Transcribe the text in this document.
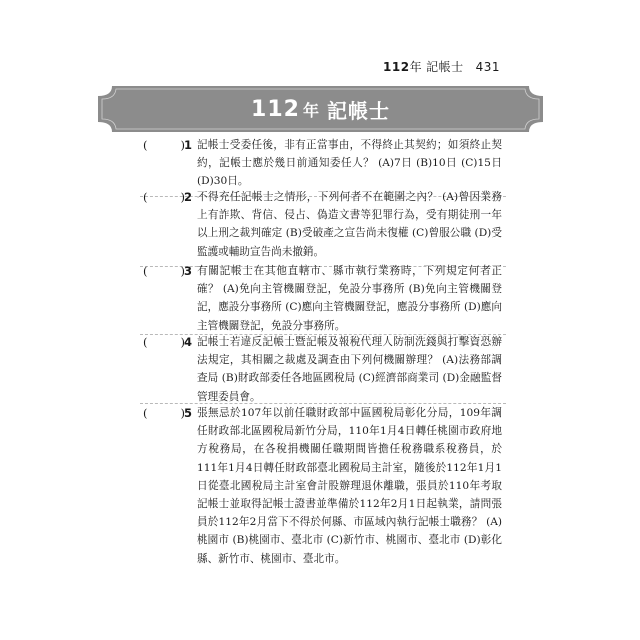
112年 記帳士 431
112 年 記帳士
(	) 1 記帳士受委任後，非有正當事由，不得終止其契約；如須終止契約，記帳士應於幾日前通知委任人？ (A)7日 (B)10日 (C)15日 (D)30日。
(	) 2 不得充任記帳士之情形，下列何者不在範圍之內？ (A)曾因業務上有詐欺、背信、侵占、偽造文書等犯罪行為，受有期徒刑一年以上刑之裁判確定 (B)受破產之宣告尚未復權 (C)曾服公職 (D)受監護或輔助宣告尚未撤銷。
(	) 3 有關記帳士在其他直轄市、縣市執行業務時，下列規定何者正確？ (A)免向主管機關登記，免設分事務所 (B)免向主管機關登記，應設分事務所 (C)應向主管機關登記，應設分事務所 (D)應向主管機關登記，免設分事務所。
(	) 4 記帳士若違反記帳士暨記帳及報稅代理人防制洗錢與打擊資恐辦法規定，其相關之裁處及調查由下列何機關辦理？ (A)法務部調查局 (B)財政部委任各地區國稅局 (C)經濟部商業司 (D)金融監督管理委員會。
(	) 5 張無忌於107年以前任職財政部中區國稅局彰化分局，109年調任財政部北區國稅局新竹分局，110年1月4日轉任桃園市政府地方稅務局，在各稅捐機關任職期間皆擔任稅務職系稅務員，於111年1月4日轉任財政部臺北國稅局主計室，隨後於112年1月1日從臺北國稅局主計室會計股辦理退休離職，張員於110年考取記帳士並取得記帳士證書並準備於112年2月1日起執業，請問張員於112年2月當下不得於何縣、市區域內執行記帳士職務？ (A)桃園市 (B)桃園市、臺北市 (C)新竹市、桃園市、臺北市 (D)彰化縣、新竹市、桃園市、臺北市。
